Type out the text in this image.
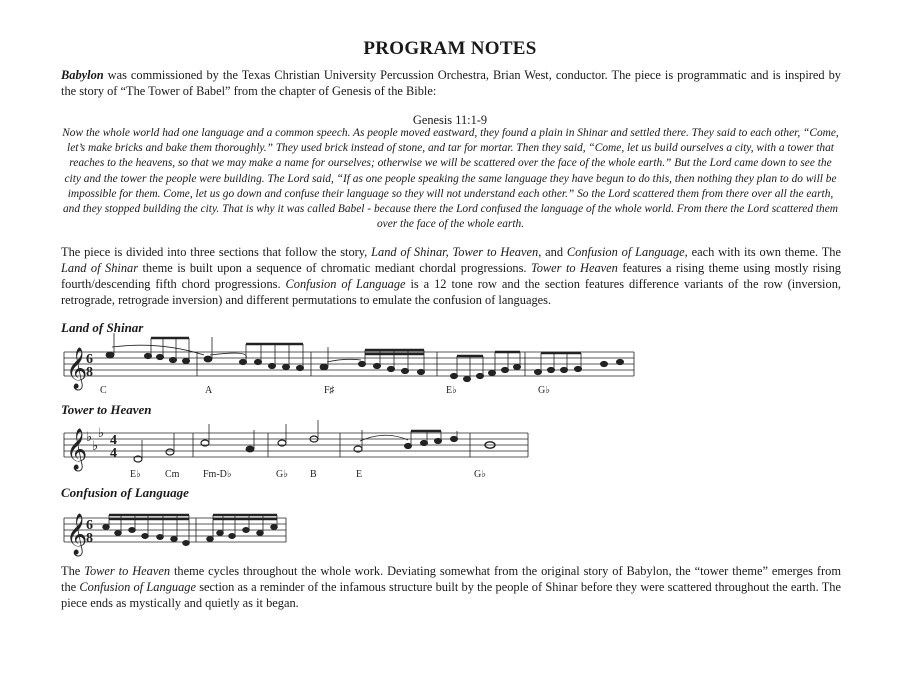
PROGRAM NOTES
Babylon was commissioned by the Texas Christian University Percussion Orchestra, Brian West, conductor. The piece is programmatic and is inspired by the story of “The Tower of Babel” from the chapter of Genesis of the Bible:
Genesis 11:1-9
Now the whole world had one language and a common speech. As people moved eastward, they found a plain in Shinar and settled there. They said to each other, “Come, let’s make bricks and bake them thoroughly.” They used brick instead of stone, and tar for mortar. Then they said, “Come, let us build ourselves a city, with a tower that reaches to the heavens, so that we may make a name for ourselves; otherwise we will be scattered over the face of the whole earth.” But the Lord came down to see the city and the tower the people were building. The Lord said, “If as one people speaking the same language they have begun to do this, then nothing they plan to do will be impossible for them. Come, let us go down and confuse their language so they will not understand each other.” So the Lord scattered them from there over all the earth, and they stopped building the city. That is why it was called Babel - because there the Lord confused the language of the whole world. From there the Lord scattered them over the face of the whole earth.
The piece is divided into three sections that follow the story, Land of Shinar, Tower to Heaven, and Confusion of Language, each with its own theme. The Land of Shinar theme is built upon a sequence of chromatic mediant chordal progressions. Tower to Heaven features a rising theme using mostly rising fourth/descending fifth chord progressions. Confusion of Language is a 12 tone row and the section features difference variants of the row (inversion, retrograde, retrograde inversion) and different permutations to emulate the confusion of languages.
Land of Shinar
Tower to Heaven
Confusion of Language
𝄞
6
8
C	A	F♯	E♭	G♭
𝄞
♭
♭
♭
4
4
E♭ Cm Fm-D♭	G♭ B	E	G♭
𝄞
6
8
The Tower to Heaven theme cycles throughout the whole work. Deviating somewhat from the original story of Babylon, the “tower theme” emerges from the Confusion of Language section as a reminder of the infamous structure built by the people of Shinar before they were scattered throughout the earth. The piece ends as mystically and quietly as it began.
